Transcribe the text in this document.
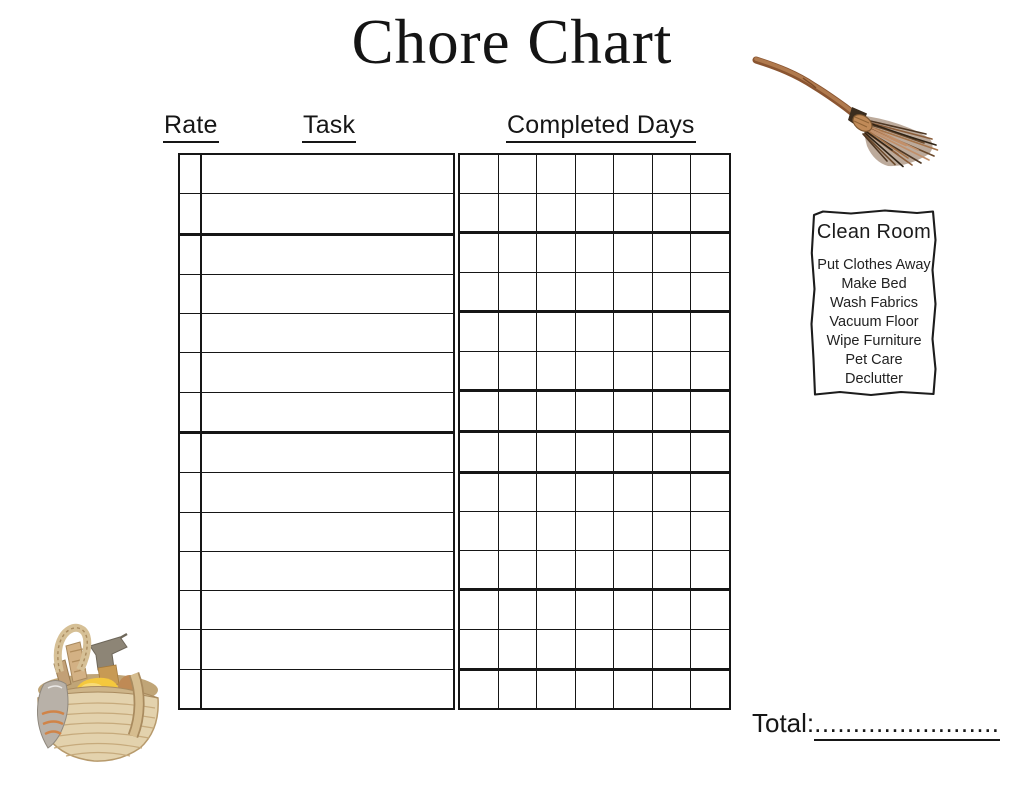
Chore Chart
Rate	Task	Completed Days
Clean Room
Put Clothes Away
Make Bed
Wash Fabrics
Vacuum Floor
Wipe Furniture
Pet Care
Declutter
Total:........................
